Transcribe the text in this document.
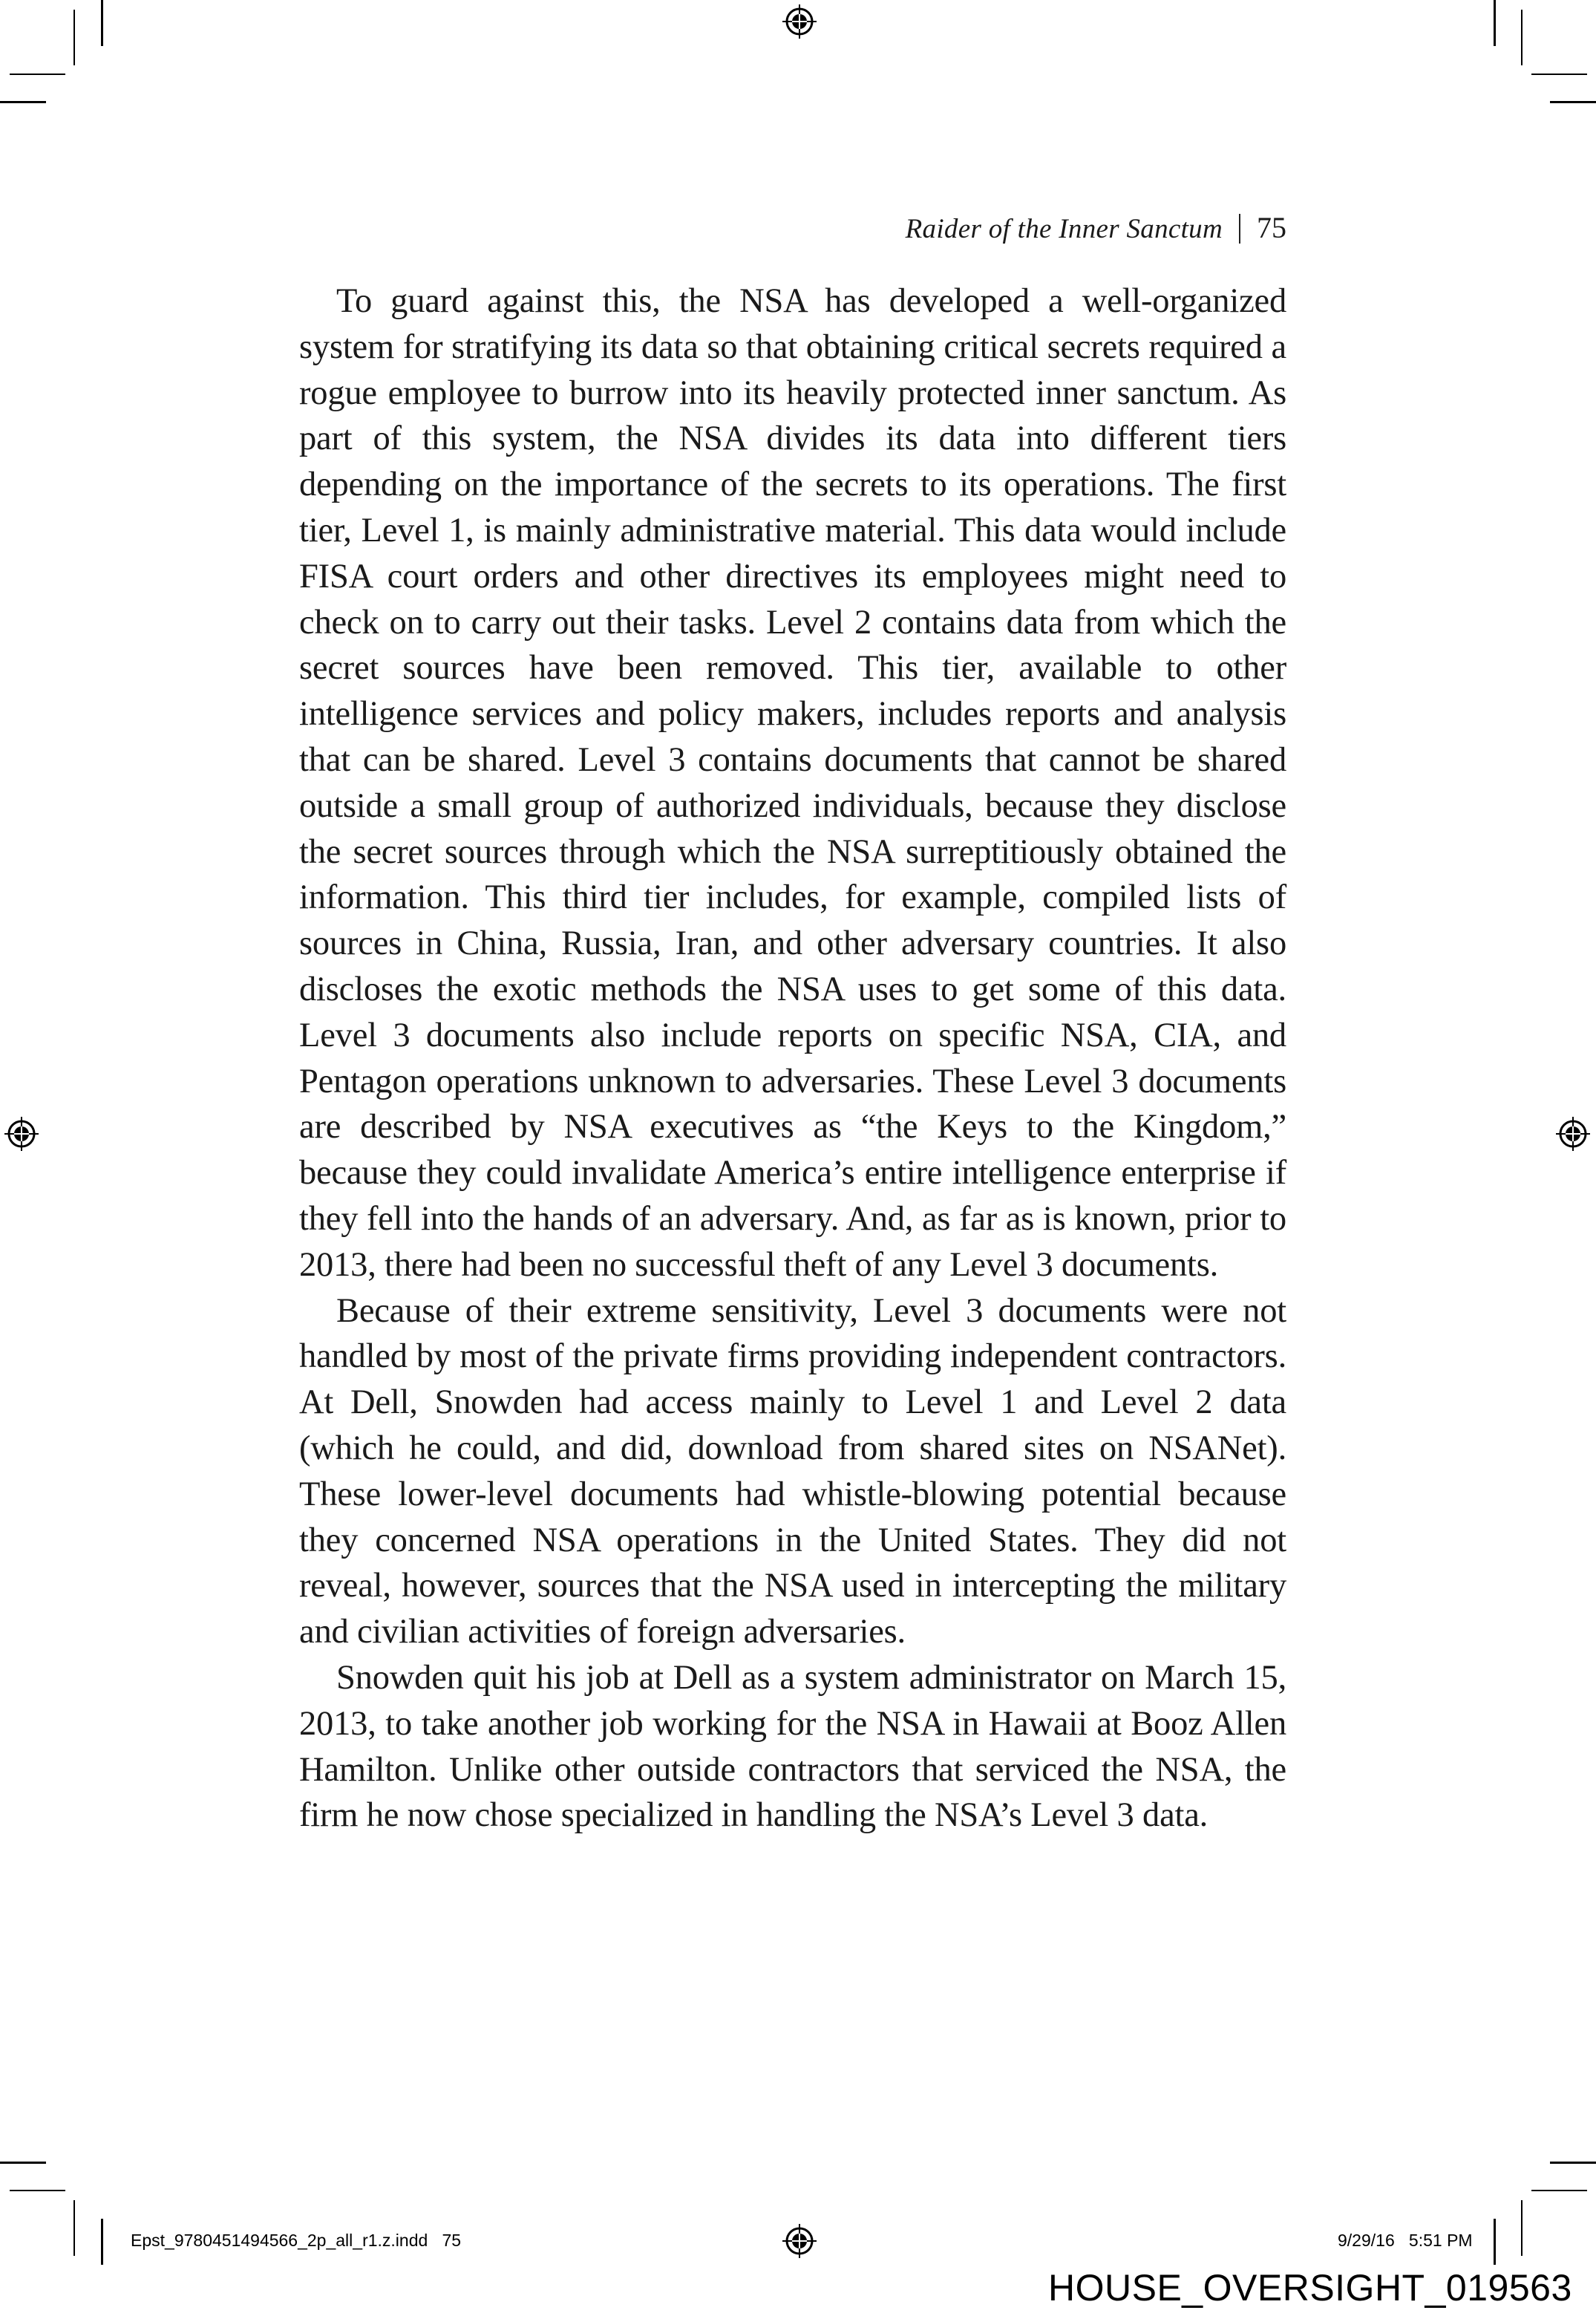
Raider of the Inner Sanctum 75

To guard against this, the NSA has developed a well-organized system for stratifying its data so that obtaining critical secrets required a rogue employee to burrow into its heavily protected inner sanctum. As part of this system, the NSA divides its data into different tiers depending on the importance of the secrets to its operations. The first tier, Level 1, is mainly administrative material. This data would include FISA court orders and other directives its employees might need to check on to carry out their tasks. Level 2 contains data from which the secret sources have been removed. This tier, available to other intelligence services and policy makers, includes reports and analysis that can be shared. Level 3 contains documents that cannot be shared outside a small group of authorized individuals, because they disclose the secret sources through which the NSA surreptitiously obtained the information. This third tier includes, for example, compiled lists of sources in China, Russia, Iran, and other adversary countries. It also discloses the exotic methods the NSA uses to get some of this data. Level 3 documents also include reports on specific NSA, CIA, and Pentagon operations unknown to adversaries. These Level 3 documents are described by NSA executives as “the Keys to the Kingdom,” because they could invalidate America’s entire intelligence enterprise if they fell into the hands of an adversary. And, as far as is known, prior to 2013, there had been no successful theft of any Level 3 documents.

Because of their extreme sensitivity, Level 3 documents were not handled by most of the private firms providing independent contractors. At Dell, Snowden had access mainly to Level 1 and Level 2 data (which he could, and did, download from shared sites on NSANet). These lower-level documents had whistle-blowing potential because they concerned NSA operations in the United States. They did not reveal, however, sources that the NSA used in intercepting the military and civilian activities of foreign adversaries.

Snowden quit his job at Dell as a system administrator on March 15, 2013, to take another job working for the NSA in Hawaii at Booz Allen Hamilton. Unlike other outside contractors that serviced the NSA, the firm he now chose specialized in handling the NSA’s Level 3 data.

Epst_9780451494566_2p_all_r1.z.indd 75	9/29/16 5:51 PM
HOUSE_OVERSIGHT_019563
